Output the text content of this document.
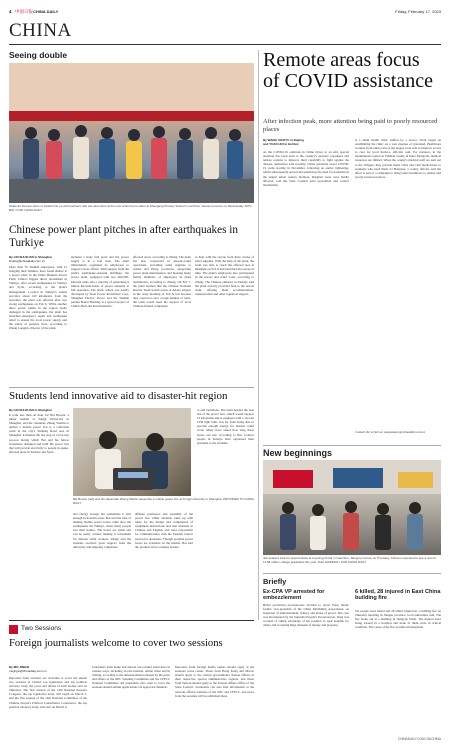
4 中国日报 CHINA DAILY	Friday, February 17, 2023
CHINA
Seeing double
Students that are twins or triplets line up with teachers who are also twins at the new school term starts at Shangang Primary School in Lanzhou, Henan province on Wednesday. DOU BIN / FOR CHINA DAILY
Chinese power plant pitches in after earthquakes in Turkiye
By LIN SHUJUAN in Shanghai
lindsay@chinadaily.com.cn
More than 70 Turkish employees, with 15 bringing their families, have found shelter at a power plant in the Emba Hunutlu Power Plant, China's biggest direct investment in Turkiye, after recent earthquakes in Turkiye and Syria, according to the plant's management. Located in Turkiye's Adana province about 120 kilometers from the epicenter, the plant was affected after two strong earthquakes on Feb 6. While another three power plants in the region badly damaged in the earthquakes, the plant has launched emergency repair and earthquake relief to ensure the local power supply and the safety of people's lives, according to Zhang Longqin, director of the plant.
includes a huge fish pond and the power supply is in a bad state. The plant immediately organized its employees to support rescue efforts. With support from the plant's earthquake-resistant buildings, the power plant, equipped with two 660,000-kilowatt units, has a capacity of generating 9 billion kilowatt-hours of power annually at full operation. The plant, which was jointly developed by State Power Investment Corp, Shanghai Electric Power and the Turkish partner Hattat Holding, is a typical project of China's Belt and Road Initiative.
affected areas, according to Zhang. The plant has also cooperated in disaster-relief operations, providing relief supplies to Adana and Hatay provinces, supporting power plant maintenance, and housing many family members of employees in plant dormitories, according to Zhang. On Feb 7, the plant learned that the Chinese National Rescue Team would arrive at Adana Airport in the early morning of Feb 8, but because they could not carry a large number of tents, the team would need the support of local Chinese-funded companies.
to help with the rescue from three trucks of relief supplies. With the help of the plant, the team was able to reach the affected area at midnight on Feb 8 and launched the rescue in time. The plant's employees also participated in the rescue and relief work, according to Zhang. The Chinese embassy in Turkiye said the plant actively provided help to the rescue team, offering them accommodation, transportation and other logistical support.
Students lend innovative aid to disaster-hit region
By LIN SHUJUAN in Shanghai
It took less than an hour for Bai Bowen, a junior student at Tongji University in Shanghai, and his classmate Zhang Wanlin to deliver a mobile power box to a collection point in the city's Yinhang Road area in Shanghai. It marked the last step of a five-day process during which Bai and his fellow classmates designed and built the power box that will provide electricity to people in quake-affected areas in Turkiye and Syria.
Bai Bowen (left) and his classmate Zhang Wanlin assemble a mobile power box at Tongji University in Shanghai. PROVIDED TO CHINA DAILY
and energy storage but sometimes it isn't enough in hard-hit areas. Bai said the idea of making mobile power boxes came after the earthquakes hit Turkiye, when many people lost their homes. The boxes are small and can be easily carried, making it convenient for disaster relief workers. Zhang said the students received great support from the university and shipping companies.
affiliate professors and assembly of the power box. Other students came up with ideas for the design and compilation of equipment instructions and user manuals in Chinese and English, and were responsible for communication with the Turkish contact person for donations. Though portable power boxes are available on the market, Bai said the products have a unique feature.
to end battalions. The team needed the best use of the power box, which would support 10 kilograms and is equipped with a 16-watt LED light bulb, was far from being able to provide enough energy for disaster relief work. Many have asked how long these boxes can last, according to Bai. Contact people in Turkiye have expressed their gratitude to the students.
Remote areas focus of COVID assistance
After infection peak, more attention being paid to poorly resourced places
By WANG XIAOYU in Beijing
and YUAN HUI in Hohhot
As the COVID-19 outbreak in China draws to an end, special attention has been paid to the country's sparsely populated and remote regions to improve their capability to fight against the disease, authorities said recently. China gradually eased COVID-19 curbs starting in November, following an earlier tightening, which subsequently spread and pushed up the need for treatment in the largest urban centers. Remote, marginal areas were hardly affected, said the State Council joint prevention and control mechanism.
is a small health clinic staffed by a doctor. Work began on establishing the clinic on a vast expanse of grassland. Healthcare workers from other parts of the league were sent to improve access to care for local herders, officials said. For instance, in the mountainous region in Yinshan county in Inner Mongolia, medical resources are limited. When the county's medical staff are sent out to the villages, they provide home visits and vital medications to residents who need them. Li Hongwei, a county official, said the effort is part of a campaign to bring better healthcare to remote and poorly resourced places.
Contact the writers at wangxiaoyu@chinadaily.com.cn
New beginnings
Job seekers look for opportunities at a spring job fair in Ganzhou, Jiangxi province on Thursday. China is expected to see a record 11.58 million college graduates this year. ZHU HAIPENG / FOR CHINA DAILY
Briefly
Ex-CPA VP arrested for embezzlement
Hebei provincial procuratorate decided to arrest Peng Jiaxin, former vice-president of the China Publishing Association, on suspicion of embezzlement, bribery and abuse of power. The case was investigated by the Supreme People's Procuratorate. Peng was accused of taking advantage of his position to seek benefits for others and accepting huge amounts of money and property.
6 killed, 28 injured in East China building fire
Six people were killed and 28 others injured in a building fire on Thursday morning in Jiangsu province, local authorities said. The fire broke out at a building in Jiangyin, Wuxi. The injured were being treated in a hospital and none of them were in critical condition. The cause of the fire is under investigation.
Two Sessions
Foreign journalists welcome to cover two sessions
By MO JINGXI
mojingxi@chinadaily.com.cn
Reporters from overseas are welcome to cover the annual two sessions of China's top legislature and top political advisory body, the press and affairs of both bodies said on Thursday. The first session of the 14th National People's Congress, the top legislative body, will begin on March 5, and the first session of the 14th National Committee of the Chinese People's Political Consultative Conference, the top political advisory body, will start on March 4.
Journalists from home and abroad can conduct interviews in various ways, including via the internet, online video and in writing, according to the announcement released by the press and affairs of the NPC Standing Committee and the CPPCC National Committee. All journalists who want to cover the sessions should submit applications via approved channels.
Reporters from foreign media outlets should apply at the sessions' press center. Those from Hong Kong and Macao should apply to the central government's liaison offices in their respective special administrative regions, and those from Taiwan should apply to the Taiwan Affairs Office of the State Council. Journalists can also find information at the relevant official websites of the NPC and CPPCC, and news from the sessions will be published there.
CHINADAILY.COM.CN/CHINA
